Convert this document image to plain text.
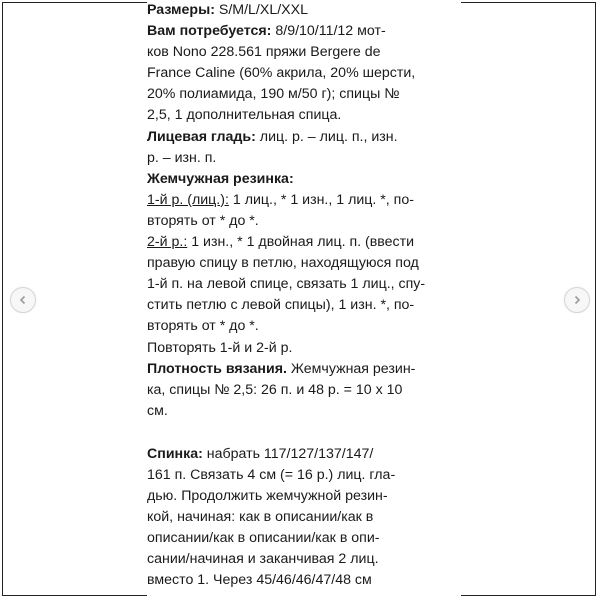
Размеры: S/M/L/XL/XXL

Вам потребуется: 8/9/10/11/12 мот-

ков Nono 228.561 пряжи Bergere de

France Caline (60% акрила, 20% шерсти,

20% полиамида, 190 м/50 г); спицы №

2,5, 1 дополнительная спица.

Лицевая гладь: лиц. р. – лиц. п., изн.

р. – изн. п.

Жемчужная резинка:

1-й р. (лиц.): 1 лиц., * 1 изн., 1 лиц. *, по-

вторять от * до *.

2-й р.: 1 изн., * 1 двойная лиц. п. (ввести

правую спицу в петлю, находящуюся под

1-й п. на левой спице, связать 1 лиц., спу-

стить петлю с левой спицы), 1 изн. *, по-

вторять от * до *.

Повторять 1-й и 2-й р.

Плотность вязания. Жемчужная резин-

ка, спицы № 2,5: 26 п. и 48 р. = 10 х 10

см.

Спинка: набрать 117/127/137/147/

161 п. Связать 4 см (= 16 р.) лиц. гла-

дью. Продолжить жемчужной резин-

кой, начиная: как в описании/как в

описании/как в описании/как в опи-

сании/начиная и заканчивая 2 лиц.

вместо 1. Через 45/46/46/47/48 см
